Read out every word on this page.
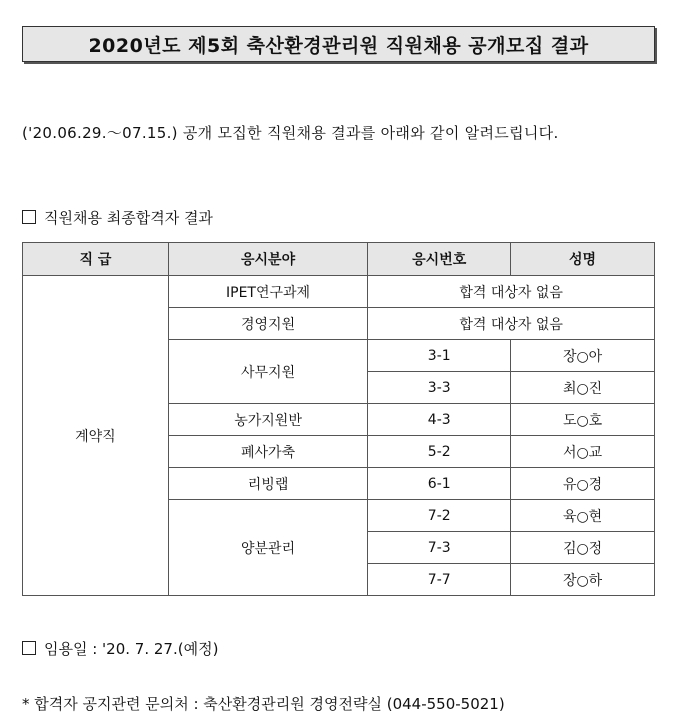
2020년도 제5회 축산환경관리원 직원채용 공개모집 결과
('20.06.29.～07.15.) 공개 모집한 직원채용 결과를 아래와 같이 알려드립니다.
직원채용 최종합격자 결과
직 급	응시분야	응시번호	성명
계약직	IPET연구과제	합격 대상자 없음	
	경영지원	합격 대상자 없음	
	사무지원	3-1	장○아
		3-3	최○진
	농가지원반	4-3	도○호
	폐사가축	5-2	서○교
	리빙랩	6-1	유○경
	양분관리	7-2	육○현
		7-3	김○정
		7-7	장○하
임용일 : '20. 7. 27.(예정)
* 합격자 공지관련 문의처 : 축산환경관리원 경영전략실 (044-550-5021)
